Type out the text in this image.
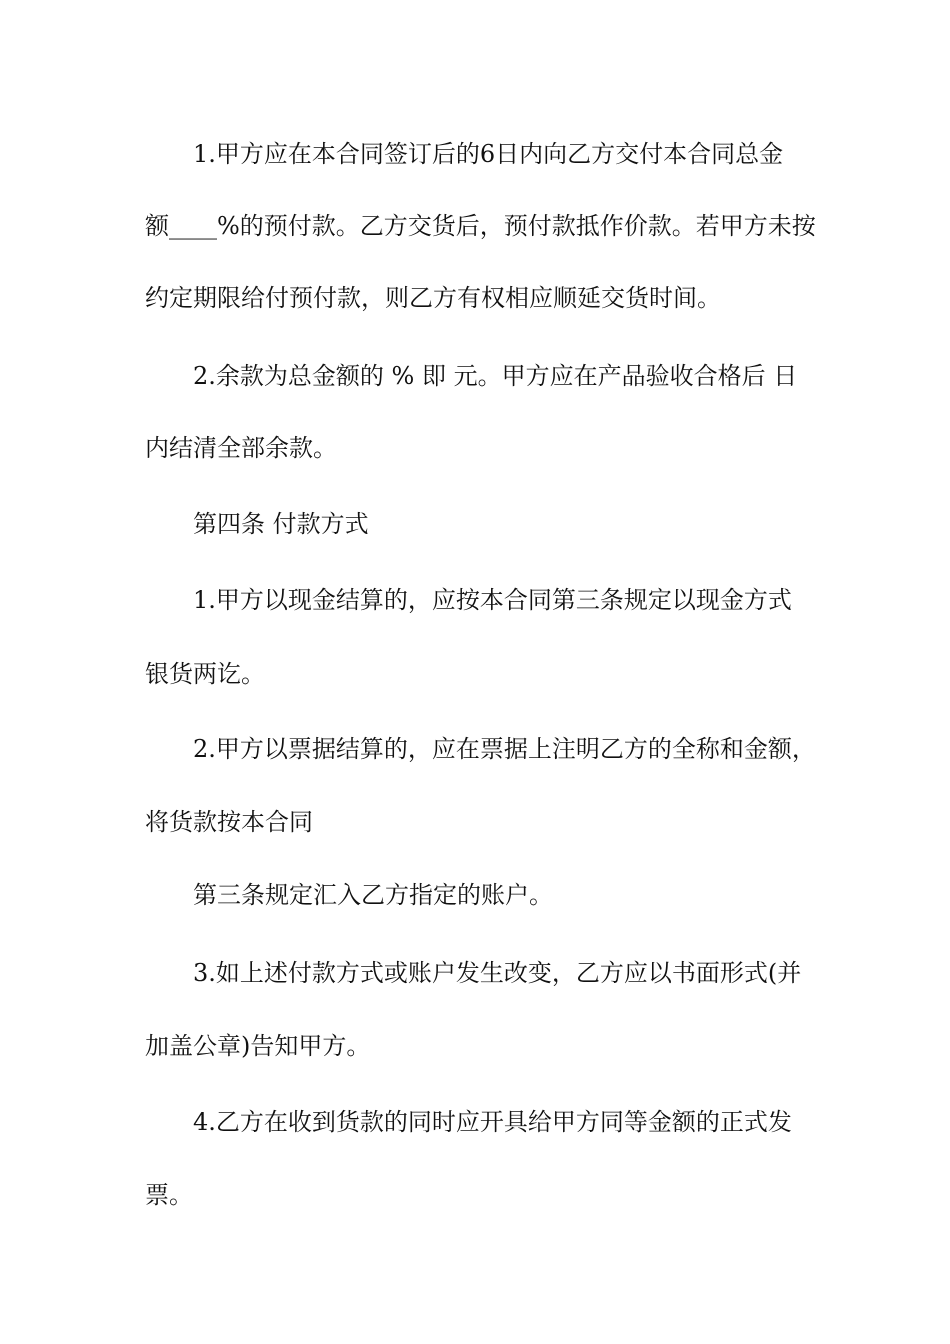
1.甲方应在本合同签订后的6日内向乙方交付本合同总金
额____%的预付款。乙方交货后，预付款抵作价款。若甲方未按
约定期限给付预付款，则乙方有权相应顺延交货时间。
2.余款为总金额的 % 即 元。甲方应在产品验收合格后 日
内结清全部余款。
第四条 付款方式
1.甲方以现金结算的，应按本合同第三条规定以现金方式
银货两讫。
2.甲方以票据结算的，应在票据上注明乙方的全称和金额，
将货款按本合同
第三条规定汇入乙方指定的账户。
3.如上述付款方式或账户发生改变，乙方应以书面形式(并
加盖公章)告知甲方。
4.乙方在收到货款的同时应开具给甲方同等金额的正式发
票。
